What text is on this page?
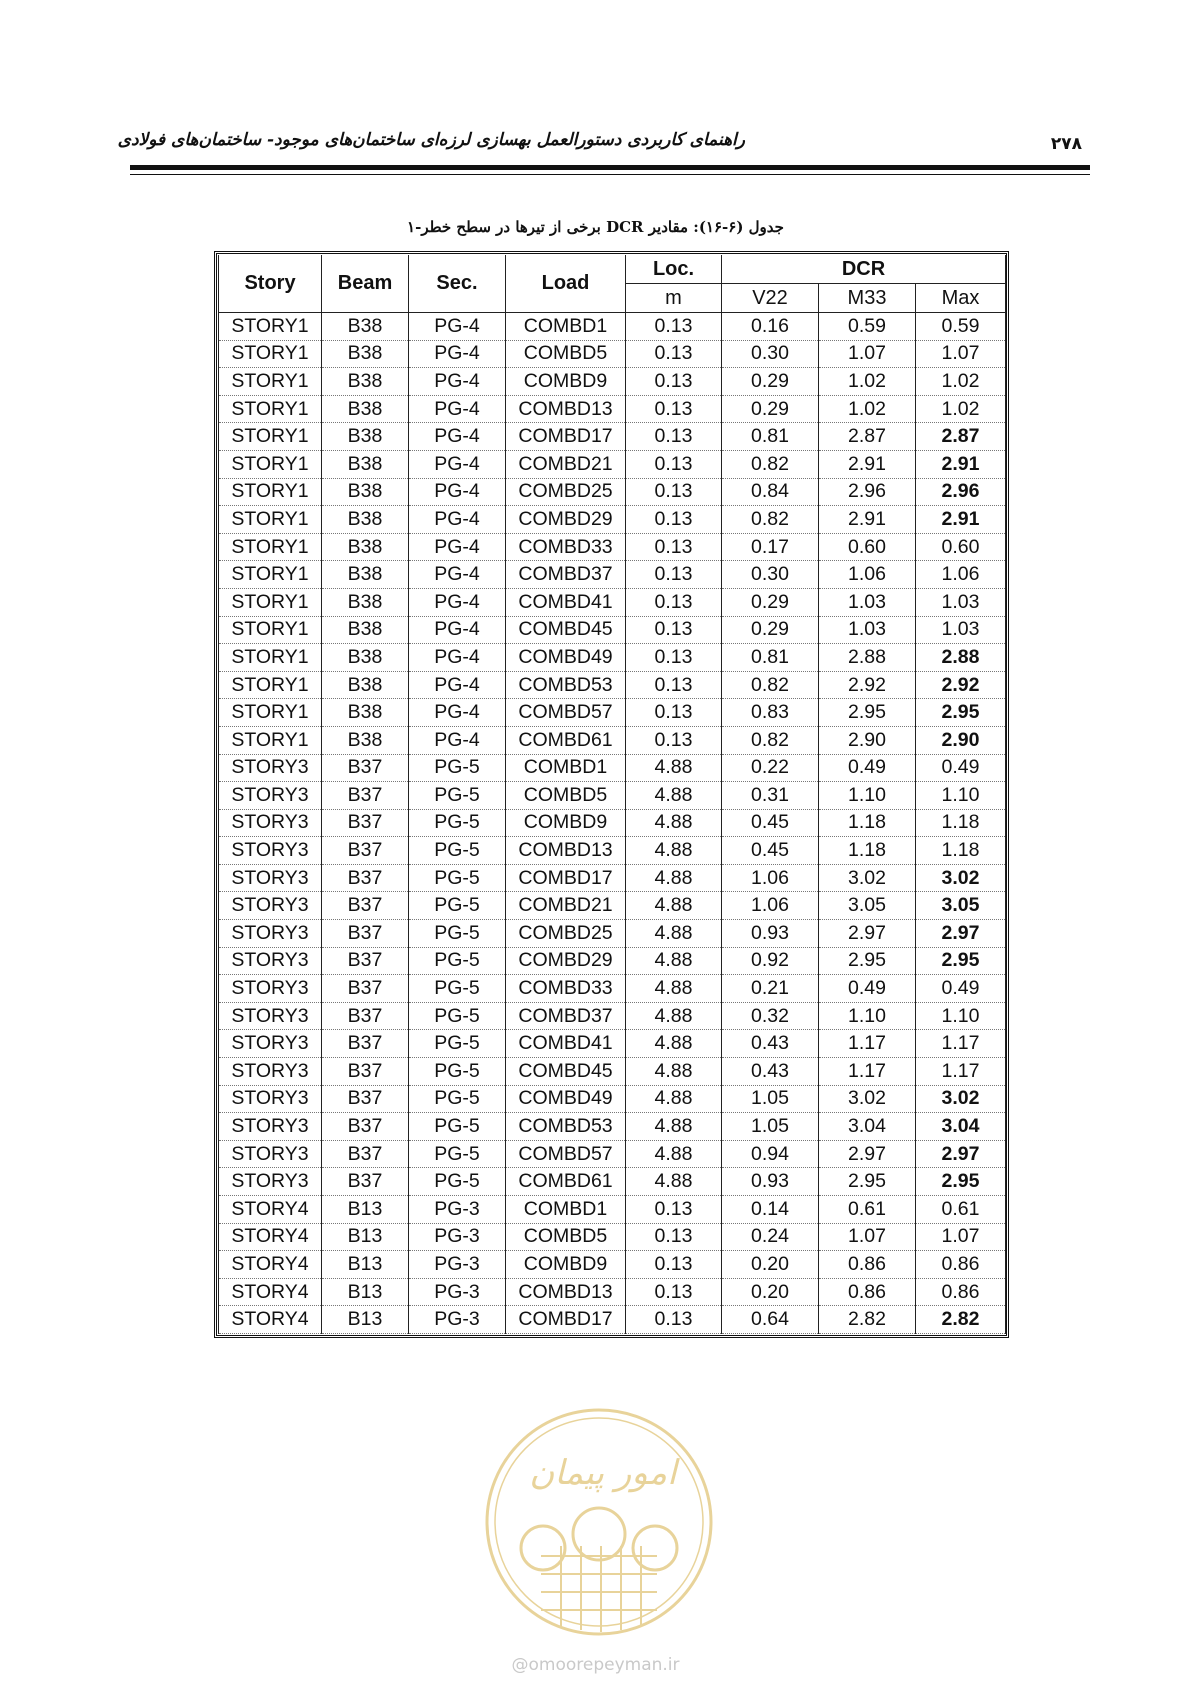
راهنمای کاربردی دستورالعمل بهسازی لرزه‌ای ساختمان‌های موجود- ساختمان‌های فولادی	۲۷۸
جدول (۶-۱۶): مقادیر DCR برخی از تیرها در سطح خطر-۱
Story	Beam	Sec.	Load	Loc.	DCR		
				m	V22	M33	Max
STORY1	B38	PG-4	COMBD1	0.13	0.16	0.59	0.59
STORY1	B38	PG-4	COMBD5	0.13	0.30	1.07	1.07
STORY1	B38	PG-4	COMBD9	0.13	0.29	1.02	1.02
STORY1	B38	PG-4	COMBD13	0.13	0.29	1.02	1.02
STORY1	B38	PG-4	COMBD17	0.13	0.81	2.87	2.87
STORY1	B38	PG-4	COMBD21	0.13	0.82	2.91	2.91
STORY1	B38	PG-4	COMBD25	0.13	0.84	2.96	2.96
STORY1	B38	PG-4	COMBD29	0.13	0.82	2.91	2.91
STORY1	B38	PG-4	COMBD33	0.13	0.17	0.60	0.60
STORY1	B38	PG-4	COMBD37	0.13	0.30	1.06	1.06
STORY1	B38	PG-4	COMBD41	0.13	0.29	1.03	1.03
STORY1	B38	PG-4	COMBD45	0.13	0.29	1.03	1.03
STORY1	B38	PG-4	COMBD49	0.13	0.81	2.88	2.88
STORY1	B38	PG-4	COMBD53	0.13	0.82	2.92	2.92
STORY1	B38	PG-4	COMBD57	0.13	0.83	2.95	2.95
STORY1	B38	PG-4	COMBD61	0.13	0.82	2.90	2.90
STORY3	B37	PG-5	COMBD1	4.88	0.22	0.49	0.49
STORY3	B37	PG-5	COMBD5	4.88	0.31	1.10	1.10
STORY3	B37	PG-5	COMBD9	4.88	0.45	1.18	1.18
STORY3	B37	PG-5	COMBD13	4.88	0.45	1.18	1.18
STORY3	B37	PG-5	COMBD17	4.88	1.06	3.02	3.02
STORY3	B37	PG-5	COMBD21	4.88	1.06	3.05	3.05
STORY3	B37	PG-5	COMBD25	4.88	0.93	2.97	2.97
STORY3	B37	PG-5	COMBD29	4.88	0.92	2.95	2.95
STORY3	B37	PG-5	COMBD33	4.88	0.21	0.49	0.49
STORY3	B37	PG-5	COMBD37	4.88	0.32	1.10	1.10
STORY3	B37	PG-5	COMBD41	4.88	0.43	1.17	1.17
STORY3	B37	PG-5	COMBD45	4.88	0.43	1.17	1.17
STORY3	B37	PG-5	COMBD49	4.88	1.05	3.02	3.02
STORY3	B37	PG-5	COMBD53	4.88	1.05	3.04	3.04
STORY3	B37	PG-5	COMBD57	4.88	0.94	2.97	2.97
STORY3	B37	PG-5	COMBD61	4.88	0.93	2.95	2.95
STORY4	B13	PG-3	COMBD1	0.13	0.14	0.61	0.61
STORY4	B13	PG-3	COMBD5	0.13	0.24	1.07	1.07
STORY4	B13	PG-3	COMBD9	0.13	0.20	0.86	0.86
STORY4	B13	PG-3	COMBD13	0.13	0.20	0.86	0.86
STORY4	B13	PG-3	COMBD17	0.13	0.64	2.82	2.82
امور پیمان
@omoorepeyman.ir
